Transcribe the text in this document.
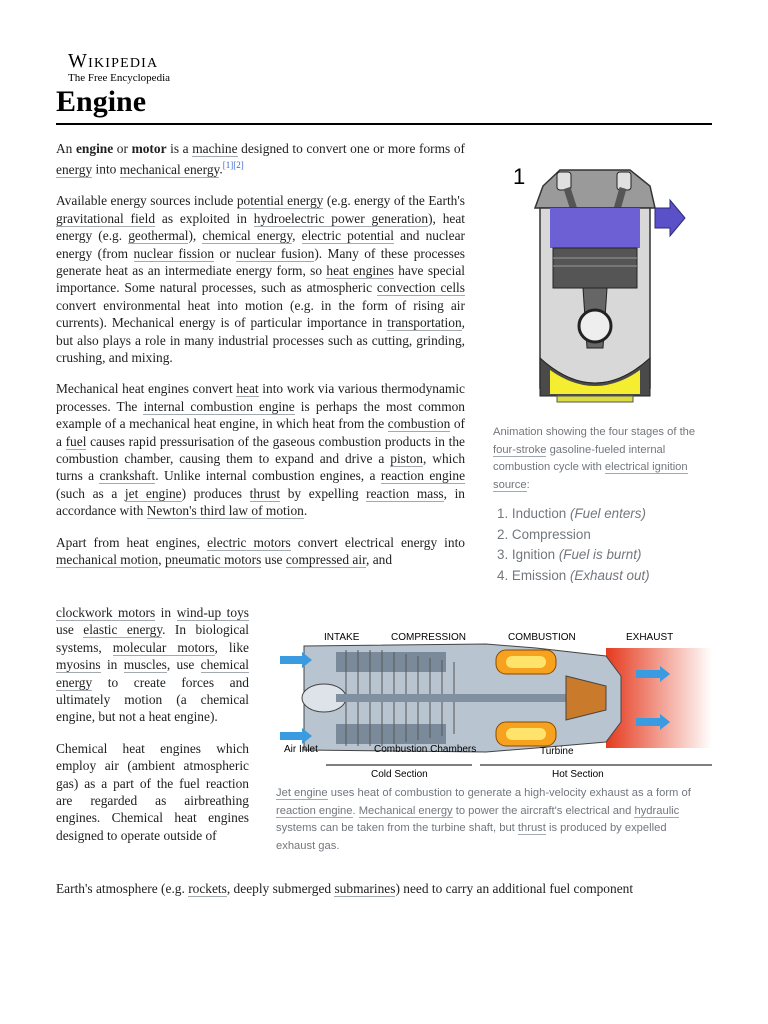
Wikipedia
The Free Encyclopedia
Engine

An engine or motor is a machine designed to convert one or more forms of energy into mechanical energy.[1][2]

Available energy sources include potential energy (e.g. energy of the Earth's gravitational field as exploited in hydroelectric power generation), heat energy (e.g. geothermal), chemical energy, electric potential and nuclear energy (from nuclear fission or nuclear fusion). Many of these processes generate heat as an intermediate energy form, so heat engines have special importance. Some natural processes, such as atmospheric convection cells convert environmental heat into motion (e.g. in the form of rising air currents). Mechanical energy is of particular importance in transportation, but also plays a role in many industrial processes such as cutting, grinding, crushing, and mixing.

Mechanical heat engines convert heat into work via various thermodynamic processes. The internal combustion engine is perhaps the most common example of a mechanical heat engine, in which heat from the combustion of a fuel causes rapid pressurisation of the gaseous combustion products in the combustion chamber, causing them to expand and drive a piston, which turns a crankshaft. Unlike internal combustion engines, a reaction engine (such as a jet engine) produces thrust by expelling reaction mass, in accordance with Newton's third law of motion.

Apart from heat engines, electric motors convert electrical energy into mechanical motion, pneumatic motors use compressed air, and

clockwork motors in wind-up toys use elastic energy. In biological systems, molecular motors, like myosins in muscles, use chemical energy to create forces and ultimately motion (a chemical engine, but not a heat engine).

Chemical heat engines which employ air (ambient atmospheric gas) as a part of the fuel reaction are regarded as airbreathing engines. Chemical heat engines designed to operate outside of

Earth's atmosphere (e.g. rockets, deeply submerged submarines) need to carry an additional fuel component
1
Animation showing the four stages of the four-stroke gasoline-fueled internal combustion cycle with electrical ignition source:
1. Induction (Fuel enters)
2. Compression
3. Ignition (Fuel is burnt)
4. Emission (Exhaust out)
INTAKE	COMPRESSION	COMBUSTION	EXHAUST
Air Inlet	Combustion Chambers	Turbine
Cold Section	Hot Section
Jet engine uses heat of combustion to generate a high-velocity exhaust as a form of reaction engine. Mechanical energy to power the aircraft's electrical and hydraulic systems can be taken from the turbine shaft, but thrust is produced by expelled exhaust gas.
